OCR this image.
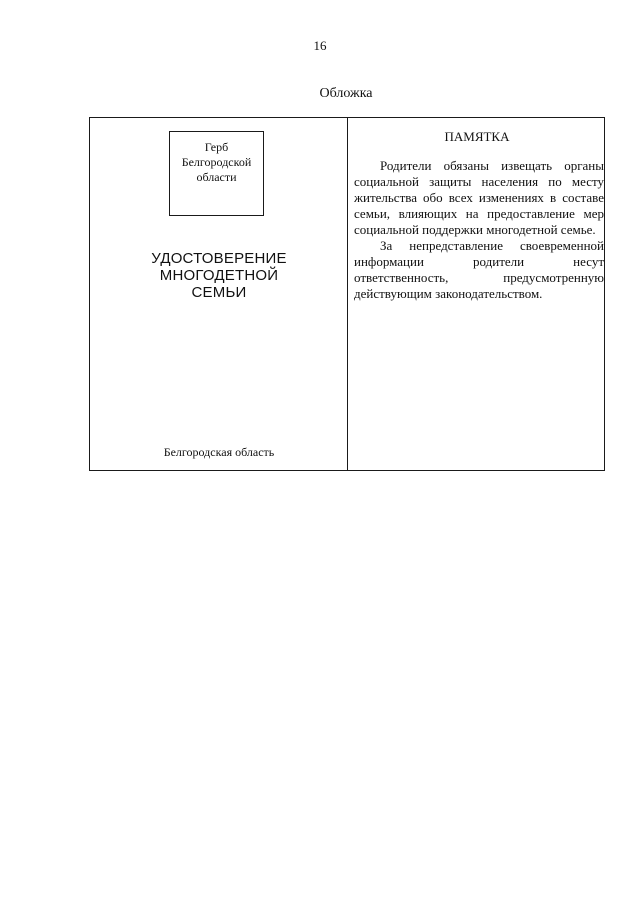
16
Обложка
Герб
Белгородской
области
УДОСТОВЕРЕНИЕ
МНОГОДЕТНОЙ
СЕМЬИ
Белгородская область
ПАМЯТКА

Родители обязаны извещать органы социальной защиты населения по месту жительства обо всех изменениях в составе семьи, влияющих на предоставление мер социальной поддержки многодетной семье.

За непредставление своевременной информации родители несут ответственность, предусмотренную действующим законодательством.
